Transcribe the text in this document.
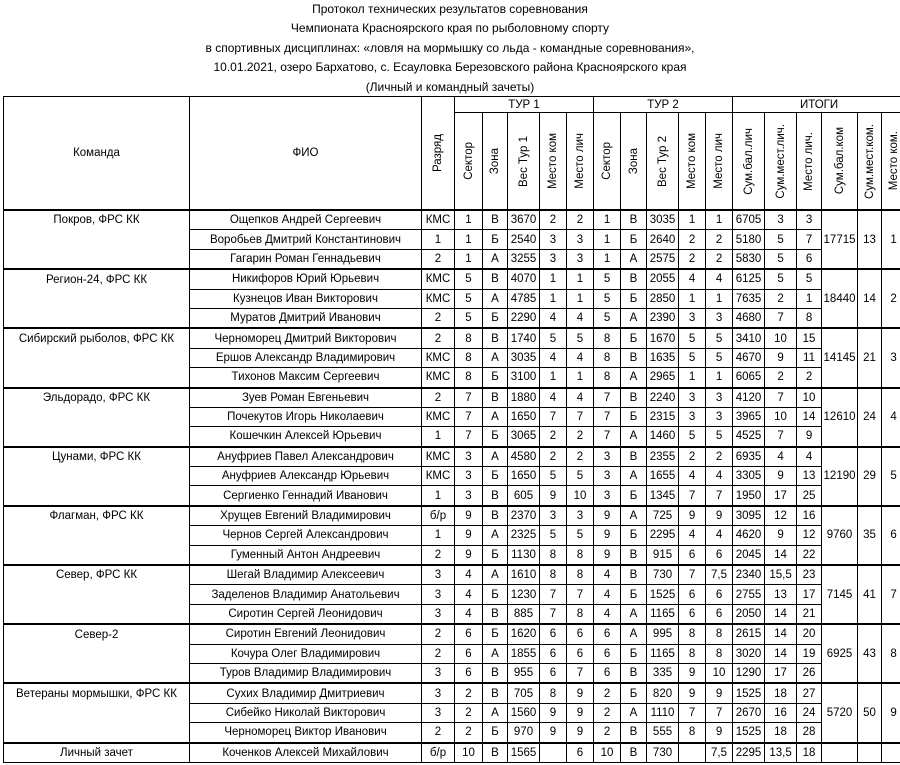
Протокол технических результатов соревнования
Чемпионата Красноярского края по рыболовному спорту
в спортивных дисциплинах: «ловля на мормышку со льда - командные соревнования»,
10.01.2021, озеро Бархатово, с. Есауловка Березовского района Красноярского края
(Личный и командный зачеты)
Команда	ФИО	Разряд	ТУР 1					ТУР 2					ИТОГИ					

			Сектор	Зона	Вес Тур 1	Место ком	Место лич	Сектор	Зона	Вес Тур 2	Место ком	Место лич	Сум.бал.лич	Сум.мест.лич.	Место лич.	Сум.бал.ком	Сум.мест.ком.	Место ком.

Покров, ФРС КК	Ощепков Андрей Сергеевич	КМС	1	В	3670	2	2	1	В	3035	1	1	6705	3	3	17715	13	1
	Воробьев Дмитрий Константинович	1	1	Б	2540	3	3	1	Б	2640	2	2	5180	5	7			
	Гагарин Роман Геннадьевич	2	1	А	3255	3	3	1	А	2575	2	2	5830	5	6			
Регион-24, ФРС КК	Никифоров Юрий Юрьевич	КМС	5	В	4070	1	1	5	В	2055	4	4	6125	5	5	18440	14	2
	Кузнецов Иван Викторович	КМС	5	А	4785	1	1	5	Б	2850	1	1	7635	2	1			
	Муратов Дмитрий Иванович	2	5	Б	2290	4	4	5	А	2390	3	3	4680	7	8			
Сибирский рыболов, ФРС КК	Черноморец Дмитрий Викторович	2	8	В	1740	5	5	8	Б	1670	5	5	3410	10	15	14145	21	3
	Ершов Александр Владимирович	КМС	8	А	3035	4	4	8	В	1635	5	5	4670	9	11			
	Тихонов Максим Сергеевич	КМС	8	Б	3100	1	1	8	А	2965	1	1	6065	2	2			
Эльдорадо, ФРС КК	Зуев Роман Евгеньевич	2	7	В	1880	4	4	7	В	2240	3	3	4120	7	10	12610	24	4
	Почекутов Игорь Николаевич	КМС	7	А	1650	7	7	7	Б	2315	3	3	3965	10	14			
	Кошечкин Алексей Юрьевич	1	7	Б	3065	2	2	7	А	1460	5	5	4525	7	9			
Цунами, ФРС КК	Ануфриев Павел Александрович	КМС	3	А	4580	2	2	3	В	2355	2	2	6935	4	4	12190	29	5
	Ануфриев Александр Юрьевич	КМС	3	Б	1650	5	5	3	А	1655	4	4	3305	9	13			
	Сергиенко Геннадий Иванович	1	3	В	605	9	10	3	Б	1345	7	7	1950	17	25			
Флагман, ФРС КК	Хрущев Евгений Владимирович	б/р	9	В	2370	3	3	9	А	725	9	9	3095	12	16	9760	35	6
	Чернов Сергей Александрович	1	9	А	2325	5	5	9	Б	2295	4	4	4620	9	12			
	Гуменный Антон Андреевич	2	9	Б	1130	8	8	9	В	915	6	6	2045	14	22			
Север, ФРС КК	Шегай Владимир Алексеевич	3	4	А	1610	8	8	4	В	730	7	7,5	2340	15,5	23	7145	41	7
	Заделенов Владимир Анатольевич	3	4	Б	1230	7	7	4	Б	1525	6	6	2755	13	17			
	Сиротин Сергей Леонидович	3	4	В	885	7	8	4	А	1165	6	6	2050	14	21			
Север-2	Сиротин Евгений Леонидович	2	6	Б	1620	6	6	6	А	995	8	8	2615	14	20	6925	43	8
	Кочура Олег Владимирович	2	6	А	1855	6	6	6	Б	1165	8	8	3020	14	19			
	Туров Владимир Владимирович	3	6	В	955	6	7	6	В	335	9	10	1290	17	26			
Ветераны мормышки, ФРС КК	Сухих Владимир Дмитриевич	3	2	В	705	8	9	2	Б	820	9	9	1525	18	27	5720	50	9
	Сибейко Николай Викторович	3	2	А	1560	9	9	2	А	1110	7	7	2670	16	24			
	Черноморец Виктор Иванович	2	2	Б	970	9	9	2	В	555	8	9	1525	18	28			
Личный зачет	Коченков Алексей Михайлович	б/р	10	В	1565		6	10	В	730		7,5	2295	13,5	18			
